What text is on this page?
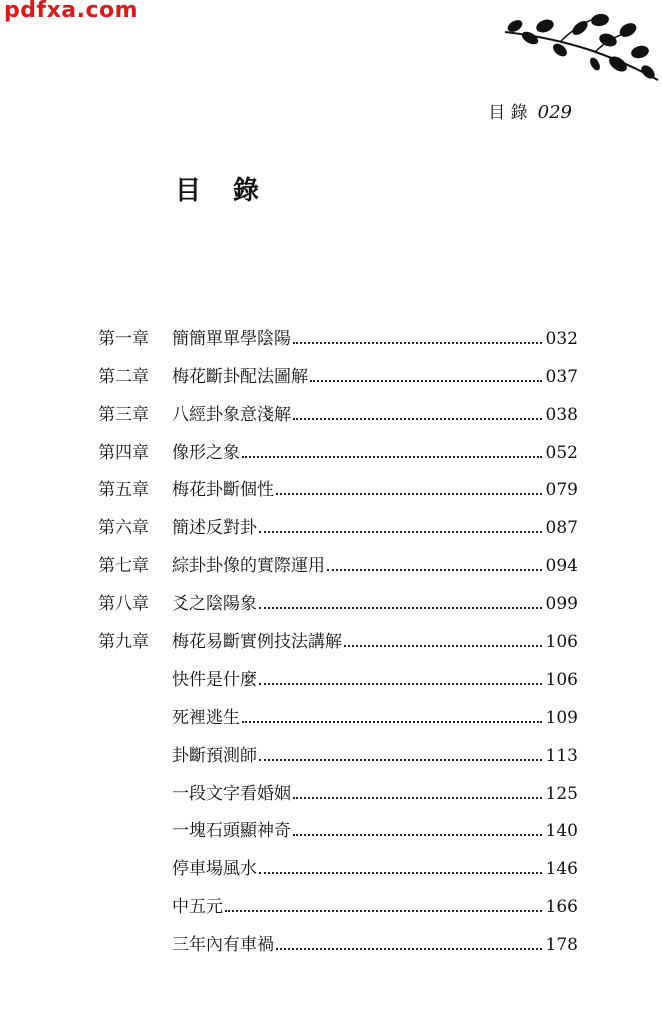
pdfxa.com
目 錄 029
目錄
第一章	簡簡單單學陰陽	032
第二章	梅花斷卦配法圖解	037
第三章	八經卦象意淺解	038
第四章	像形之象	052
第五章	梅花卦斷個性	079
第六章	簡述反對卦	087
第七章	綜卦卦像的實際運用	094
第八章	爻之陰陽象	099
第九章	梅花易斷實例技法講解	106
快件是什麼	106
死裡逃生	109
卦斷預測師	113
一段文字看婚姻	125
一塊石頭顯神奇	140
停車場風水	146
中五元	166
三年內有車禍	178
